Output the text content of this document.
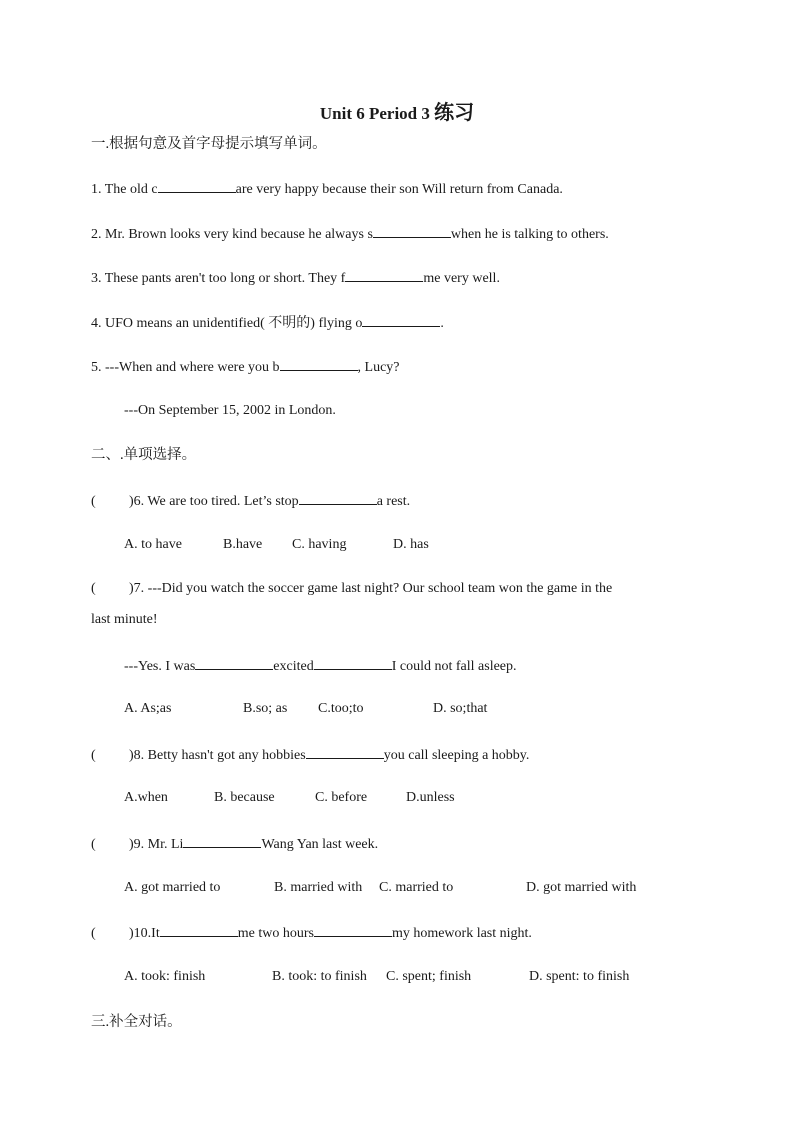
Unit 6 Period 3 练习
一.根据句意及首字母提示填写单词。
1. The old c	are very happy because their son Will return from Canada.
2. Mr. Brown looks very kind because he always s	when he is talking to others.
3. These pants aren't too long or short. They f	me very well.
4. UFO means an unidentified( 不明的) flying o	.
5. ---When and where were you b	, Lucy?
---On September 15, 2002 in London.
二、.单项选择。
( )6. We are too tired. Let’s stop	a rest.
A. to have	B.have C. having	D. has
( )7. ---Did you watch the soccer game last night? Our school team won the game in the
last minute!
---Yes. I was	excited	I could not fall asleep.
A. As;as	B.so; as C.too;to	D. so;that
( )8. Betty hasn't got any hobbies	you call sleeping a hobby.
A.when	B. because	C. before	D.unless
( )9. Mr. Li	Wang Yan last week.
A. got married to	B. married with C. married to	D. got married with
( )10.It	me two hours	my homework last night.
A. took: finish	B. took: to finish C. spent; finish	D. spent: to finish
三.补全对话。
